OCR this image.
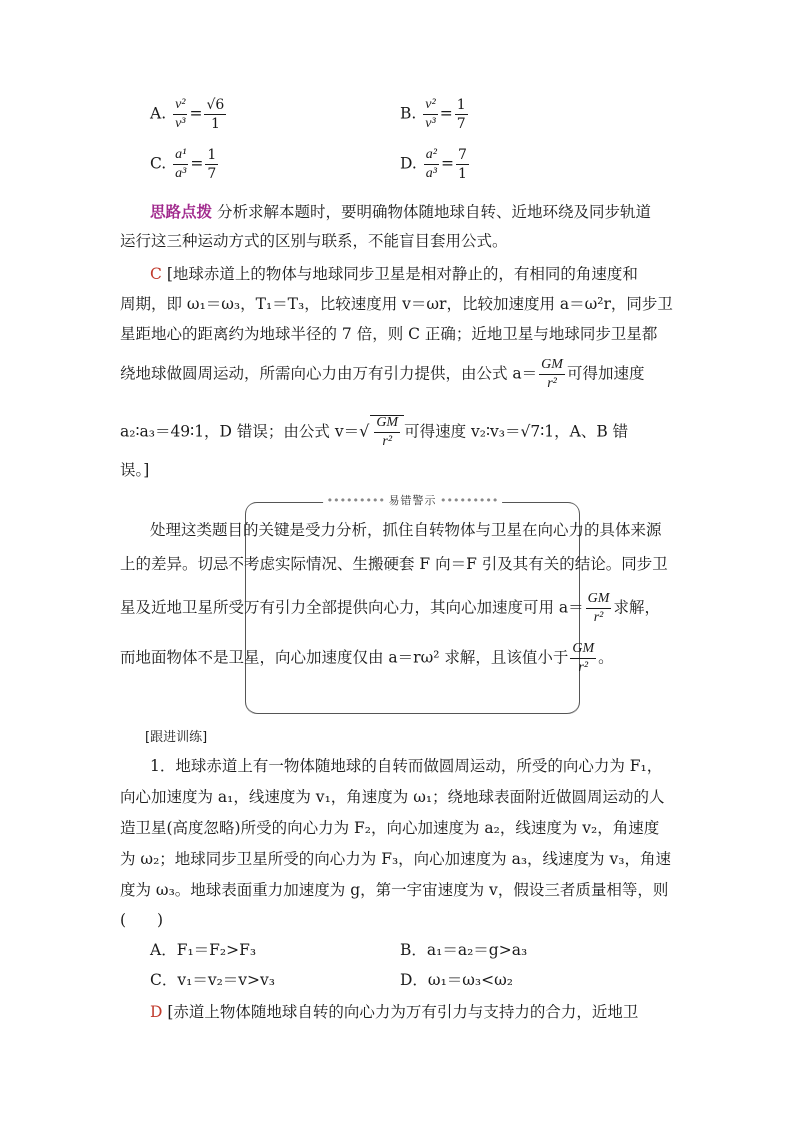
A. $\frac{\text{v²}}{\text{v³}} = \frac{√6}{1}$	B. $\frac{\text{v²}}{\text{v³}} = \frac{1}{7}$
C. $\frac{\text{a¹}}{\text{a³}} = \frac{1}{7}$	D. $\frac{\text{a²}}{\text{a³}} = \frac{7}{1}$
思路点拨 分析求解本题时，要明确物体随地球自转、近地环绕及同步轨道
运行这三种运动方式的区别与联系，不能盲目套用公式。
C [地球赤道上的物体与地球同步卫星是相对静止的，有相同的角速度和
周期，即 ω₁＝ω₃，T₁＝T₃，比较速度用 v＝ωr，比较加速度用 a＝ω²r，同步卫
星距地心的距离约为地球半径的 7 倍，则 C 正确；近地卫星与地球同步卫星都
绕地球做圆周运动，所需向心力由万有引力提供，由公式 $a= \frac{GM}{\text{r²}}$ 可得加速度
a₂∶a₃＝49∶1，D 错误；由公式 $v=√ \frac{GM}{\text{r²}}$ 可得速度 v₂∶v₃＝√7∶1，A、B 错
误。]
••••••••• 易错警示 •••••••••
处理这类题目的关键是受力分析，抓住自转物体与卫星在向心力的具体来源
上的差异。切忌不考虑实际情况、生搬硬套 F 向＝F 引及其有关的结论。同步卫
星及近地卫星所受万有引力全部提供向心力，其向心加速度可用 $a= \frac{GM}{\text{r²}}$ 求解，
而地面物体不是卫星，向心加速度仅由 a＝rω² 求解，且该值小于 $\frac{GM}{\text{r²}}$ 。
[跟进训练]
1．地球赤道上有一物体随地球的自转而做圆周运动，所受的向心力为 F₁，
向心加速度为 a₁，线速度为 v₁，角速度为 ω₁；绕地球表面附近做圆周运动的人
造卫星(高度忽略)所受的向心力为 F₂，向心加速度为 a₂，线速度为 v₂，角速度
为 ω₂；地球同步卫星所受的向心力为 F₃，向心加速度为 a₃，线速度为 v₃，角速
度为 ω₃。地球表面重力加速度为 g，第一宇宙速度为 v，假设三者质量相等，则
(　　)
A．F₁＝F₂>F₃	B．a₁＝a₂＝g>a₃
C．v₁＝v₂＝v>v₃	D．ω₁＝ω₃<ω₂
D [赤道上物体随地球自转的向心力为万有引力与支持力的合力，近地卫
